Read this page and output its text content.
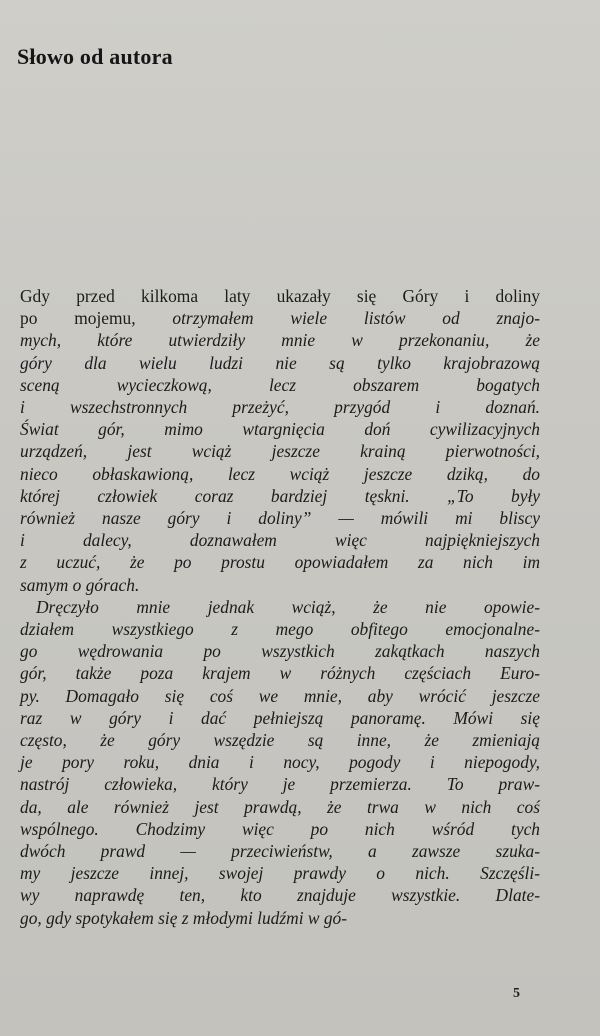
Słowo od autora
Gdy przed kilkoma laty ukazały się Góry i doliny
po mojemu, otrzymałem wiele listów od znajo-
mych, które utwierdziły mnie w przekonaniu, że
góry dla wielu ludzi nie są tylko krajobrazową
sceną wycieczkową, lecz obszarem bogatych
i wszechstronnych przeżyć, przygód i doznań.
Świat gór, mimo wtargnięcia doń cywilizacyjnych
urządzeń, jest wciąż jeszcze krainą pierwotności,
nieco obłaskawioną, lecz wciąż jeszcze dziką, do
której człowiek coraz bardziej tęskni. „To były
również nasze góry i doliny” — mówili mi bliscy
i dalecy, doznawałem więc najpiękniejszych
z uczuć, że po prostu opowiadałem za nich im
samym o górach.
Dręczyło mnie jednak wciąż, że nie opowie-
działem wszystkiego z mego obfitego emocjonalne-
go wędrowania po wszystkich zakątkach naszych
gór, także poza krajem w różnych częściach Euro-
py. Domagało się coś we mnie, aby wrócić jeszcze
raz w góry i dać pełniejszą panoramę. Mówi się
często, że góry wszędzie są inne, że zmieniają
je pory roku, dnia i nocy, pogody i niepogody,
nastrój człowieka, który je przemierza. To praw-
da, ale również jest prawdą, że trwa w nich coś
wspólnego. Chodzimy więc po nich wśród tych
dwóch prawd — przeciwieństw, a zawsze szuka-
my jeszcze innej, swojej prawdy o nich. Szczęśli-
wy naprawdę ten, kto znajduje wszystkie. Dlate-
go, gdy spotykałem się z młodymi ludźmi w gó-
5
